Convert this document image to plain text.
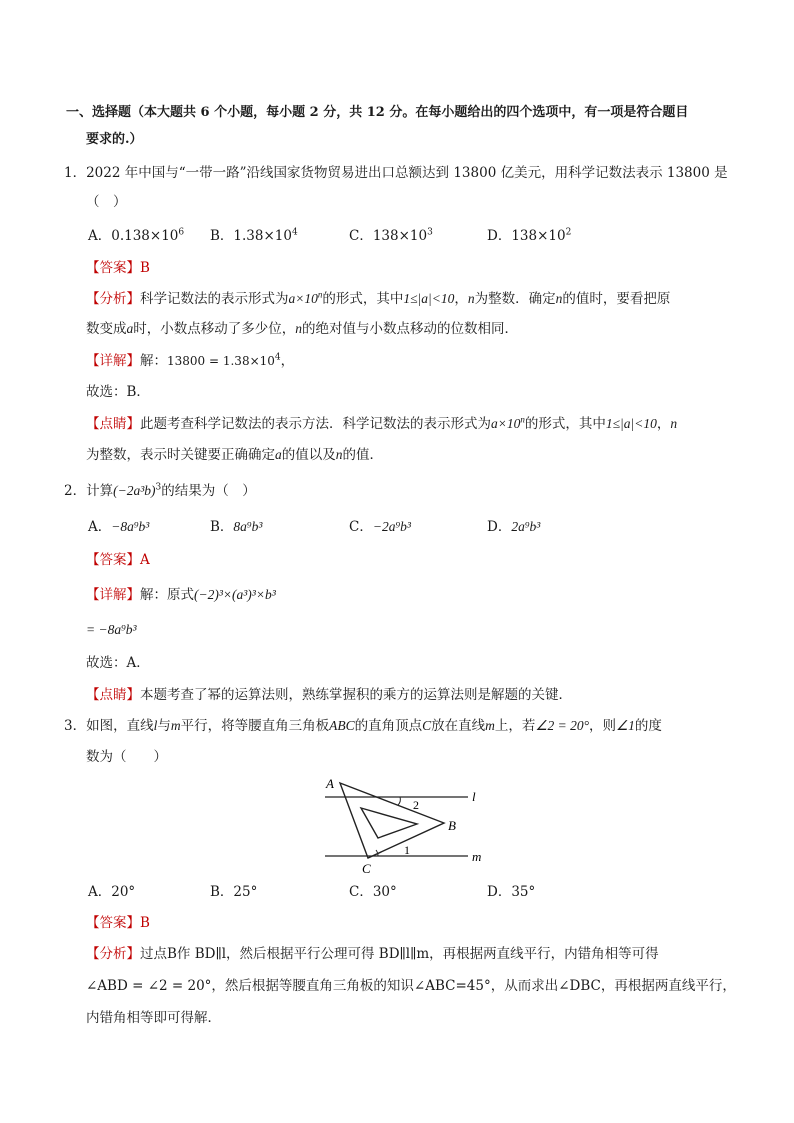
一、选择题（本大题共 6 个小题，每小题 2 分，共 12 分。在每小题给出的四个选项中，有一项是符合题目
要求的.）
1．2022 年中国与“一带一路”沿线国家货物贸易进出口总额达到 13800 亿美元，用科学记数法表示 13800 是
（　）
A．$0.138\times 10^6$ B．$1.38\times 10^4$	C．$138\times 10^3$	D．$138\times 10^2$
【答案】B
【分析】科学记数法的表示形式为$a\times 10^n$的形式，其中1≤|a|<10，n为整数．确定n的值时，要看把原
数变成a时，小数点移动了多少位，n的绝对值与小数点移动的位数相同．
【详解】解：$13800 = 1.38\times 10^4$，
故选：B．
【点睛】此题考查科学记数法的表示方法．科学记数法的表示形式为$a\times 10^n$的形式，其中1≤|a|<10，n
为整数，表示时关键要正确确定a的值以及n的值．
2．计算$(-2a^3b)^3$的结果为（　）
A．−8a⁹b³	B．8a⁹b³	C．−2a⁹b³	D．2a⁹b³
【答案】A
【详解】解：原式(−2)³×(a³)³×b³
= −8a⁹b³
故选：A．
【点睛】本题考查了幂的运算法则，熟练掌握积的乘方的运算法则是解题的关键．
3．如图，直线l与m平行，将等腰直角三角板ABC的直角顶点C放在直线m上，若∠2 = 20°，则∠1的度
数为（　　）
A
B
C
l
m
2
1
A．20°	B．25°	C．30°	D．35°
【答案】B
【分析】过点B作 BD∥l，然后根据平行公理可得 BD∥l∥m，再根据两直线平行，内错角相等可得
∠ABD = ∠2 = 20°，然后根据等腰直角三角板的知识∠ABC=45°，从而求出∠DBC，再根据两直线平行，
内错角相等即可得解．
